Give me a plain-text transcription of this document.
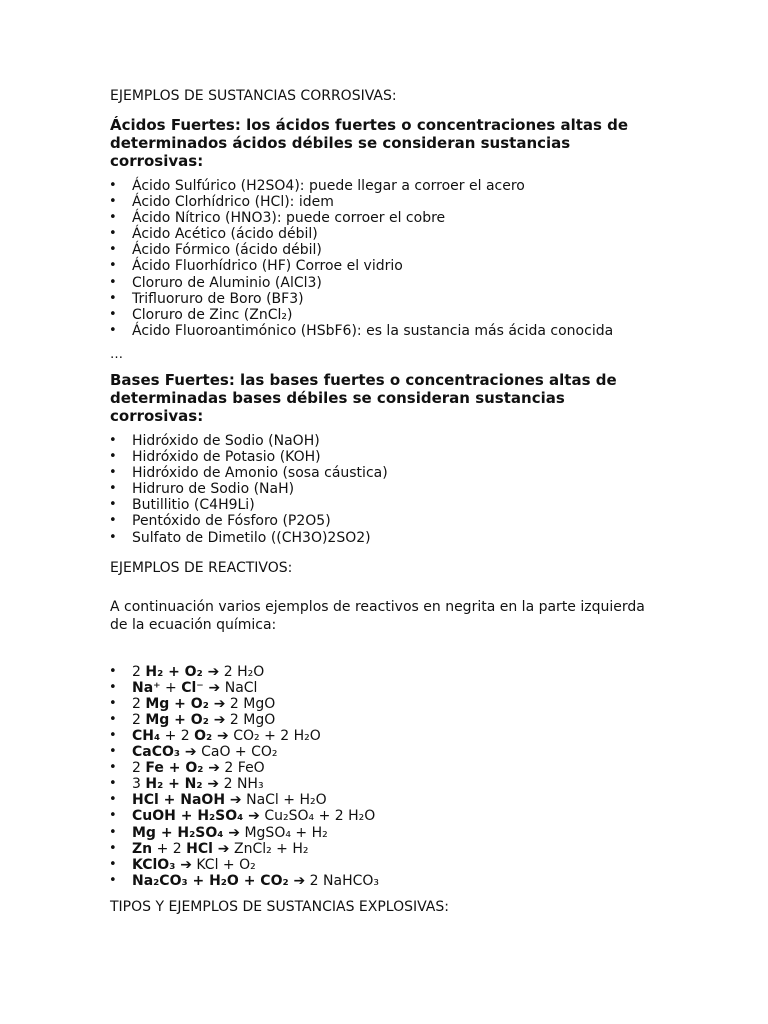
EJEMPLOS DE SUSTANCIAS CORROSIVAS:

Ácidos Fuertes: los ácidos fuertes o concentraciones altas de determinados ácidos débiles se consideran sustancias corrosivas:

• Ácido Sulfúrico (H2SO4): puede llegar a corroer el acero
• Ácido Clorhídrico (HCl): idem
• Ácido Nítrico (HNO3): puede corroer el cobre
• Ácido Acético (ácido débil)
• Ácido Fórmico (ácido débil)
• Ácido Fluorhídrico (HF) Corroe el vidrio
• Cloruro de Aluminio (AlCl3)
• Trifluoruro de Boro (BF3)
• Cloruro de Zinc (ZnCl₂)
• Ácido Fluoroantimónico (HSbF6): es la sustancia más ácida conocida

…

Bases Fuertes: las bases fuertes o concentraciones altas de determinadas bases débiles se consideran sustancias corrosivas:

• Hidróxido de Sodio (NaOH)
• Hidróxido de Potasio (KOH)
• Hidróxido de Amonio (sosa cáustica)
• Hidruro de Sodio (NaH)
• Butillitio (C4H9Li)
• Pentóxido de Fósforo (P2O5)
• Sulfato de Dimetilo ((CH3O)2SO2)

EJEMPLOS DE REACTIVOS:

A continuación varios ejemplos de reactivos en negrita en la parte izquierda de la ecuación química:

• 2 H₂ + O₂ ➔ 2 H₂O
• Na⁺ + Cl⁻ ➔ NaCl
• 2 Mg + O₂ ➔ 2 MgO
• 2 Mg + O₂ ➔ 2 MgO
• CH₄ + 2 O₂ ➔ CO₂ + 2 H₂O
• CaCO₃ ➔ CaO + CO₂
• 2 Fe + O₂ ➔ 2 FeO
• 3 H₂ + N₂ ➔ 2 NH₃
• HCl + NaOH ➔ NaCl + H₂O
• CuOH + H₂SO₄ ➔ Cu₂SO₄ + 2 H₂O
• Mg + H₂SO₄ ➔ MgSO₄ + H₂
• Zn + 2 HCl ➔ ZnCl₂ + H₂
• KClO₃ ➔ KCl + O₂
• Na₂CO₃ + H₂O + CO₂ ➔ 2 NaHCO₃

TIPOS Y EJEMPLOS DE SUSTANCIAS EXPLOSIVAS:
